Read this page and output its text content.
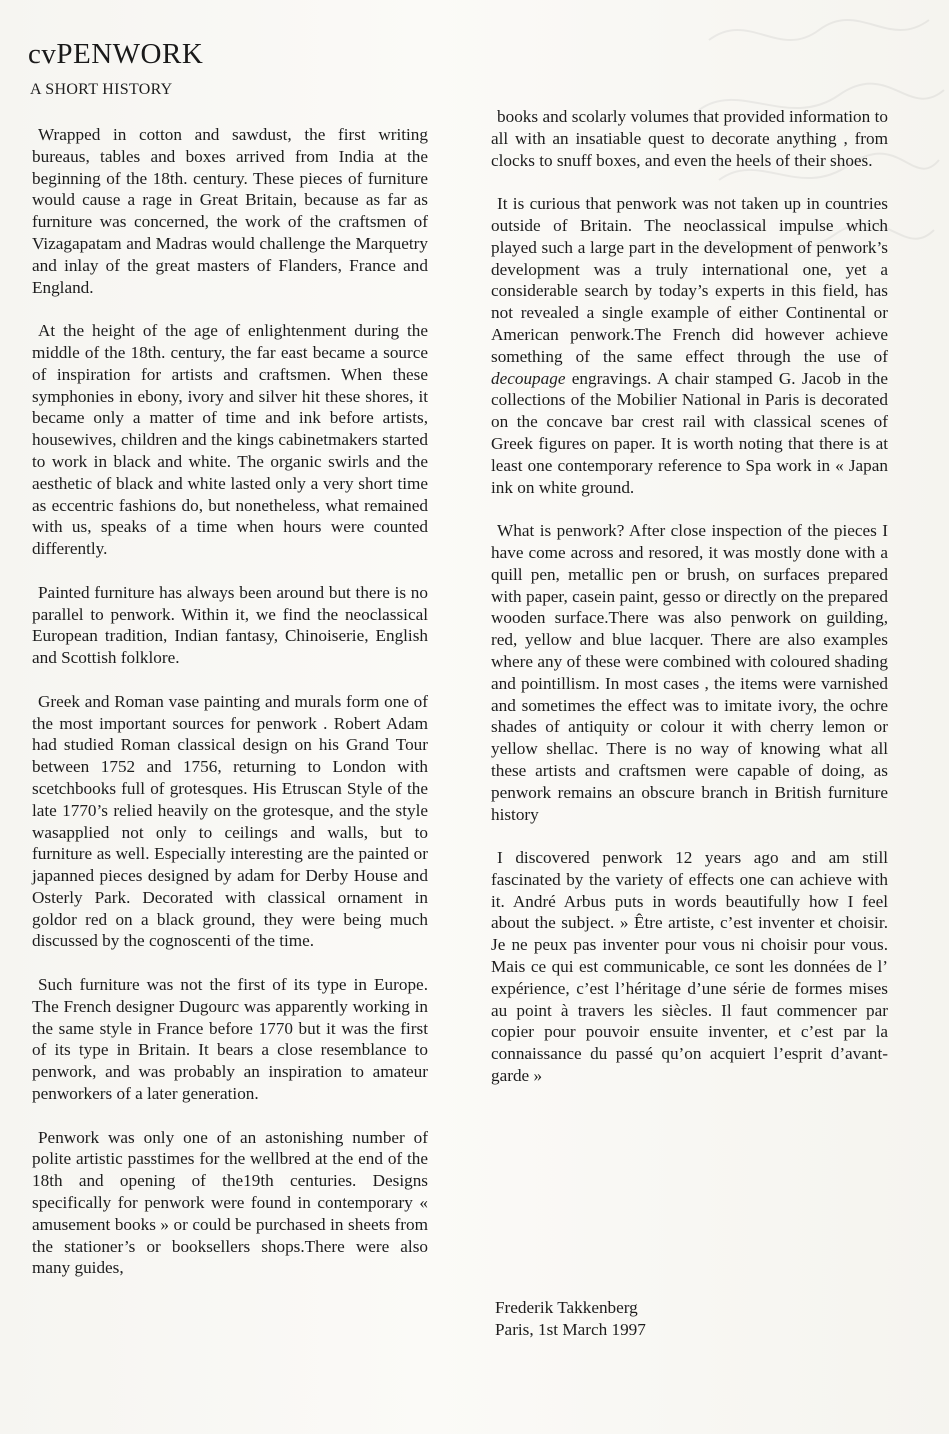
cvPENWORK
A SHORT HISTORY

Wrapped in cotton and sawdust, the first writing bureaus, tables and boxes arrived from India at the beginning of the 18th. century. These pieces of furniture would cause a rage in Great Britain, because as far as furniture was concerned, the work of the craftsmen of Vizagapatam and Madras would challenge the Marquetry and inlay of the great masters of Flanders, France and England.

At the height of the age of enlightenment during the middle of the 18th. century, the far east became a source of inspiration for artists and craftsmen. When these symphonies in ebony, ivory and silver hit these shores, it became only a matter of time and ink before artists, housewives, children and the kings cabinetmakers started to work in black and white. The organic swirls and the aesthetic of black and white lasted only a very short time as eccentric fashions do, but nonetheless, what remained with us, speaks of a time when hours were counted differently.

Painted furniture has always been around but there is no parallel to penwork. Within it, we find the neoclassical European tradition, Indian fantasy, Chinoiserie, English and Scottish folklore.

Greek and Roman vase painting and murals form one of the most important sources for penwork . Robert Adam had studied Roman classical design on his Grand Tour between 1752 and 1756, returning to London with scetchbooks full of grotesques. His Etruscan Style of the late 1770’s relied heavily on the grotesque, and the style wasapplied not only to ceilings and walls, but to furniture as well. Especially interesting are the painted or japanned pieces designed by adam for Derby House and Osterly Park. Decorated with classical ornament in goldor red on a black ground, they were being much discussed by the cognoscenti of the time.

Such furniture was not the first of its type in Europe. The French designer Dugourc was apparently working in the same style in France before 1770 but it was the first of its type in Britain. It bears a close resemblance to penwork, and was probably an inspiration to amateur penworkers of a later generation.

Penwork was only one of an astonishing number of polite artistic passtimes for the wellbred at the end of the 18th and opening of the19th centuries. Designs specifically for penwork were found in contemporary « amusement books » or could be purchased in sheets from the stationer’s or booksellers shops.There were also many guides,

books and scolarly volumes that provided information to all with an insatiable quest to decorate anything , from clocks to snuff boxes, and even the heels of their shoes.

It is curious that penwork was not taken up in countries outside of Britain. The neoclassical impulse which played such a large part in the development of penwork’s development was a truly international one, yet a considerable search by today’s experts in this field, has not revealed a single example of either Continental or American penwork.The French did however achieve something of the same effect through the use of decoupage engravings. A chair stamped G. Jacob in the collections of the Mobilier National in Paris is decorated on the concave bar crest rail with classical scenes of Greek figures on paper. It is worth noting that there is at least one contemporary reference to Spa work in « Japan ink on white ground.

What is penwork? After close inspection of the pieces I have come across and resored, it was mostly done with a quill pen, metallic pen or brush, on surfaces prepared with paper, casein paint, gesso or directly on the prepared wooden surface.There was also penwork on guilding, red, yellow and blue lacquer. There are also examples where any of these were combined with coloured shading and pointillism. In most cases , the items were varnished and sometimes the effect was to imitate ivory, the ochre shades of antiquity or colour it with cherry lemon or yellow shellac. There is no way of knowing what all these artists and craftsmen were capable of doing, as penwork remains an obscure branch in British furniture history

I discovered penwork 12 years ago and am still fascinated by the variety of effects one can achieve with it. André Arbus puts in words beautifully how I feel about the subject. » Être artiste, c’est inventer et choisir. Je ne peux pas inventer pour vous ni choisir pour vous. Mais ce qui est communicable, ce sont les données de l’ expérience, c’est l’héritage d’une série de formes mises au point à travers les siècles. Il faut commencer par copier pour pouvoir ensuite inventer, et c’est par la connaissance du passé qu’on acquiert l’esprit d’avant- garde »

Frederik Takkenberg
Paris, 1st March 1997
